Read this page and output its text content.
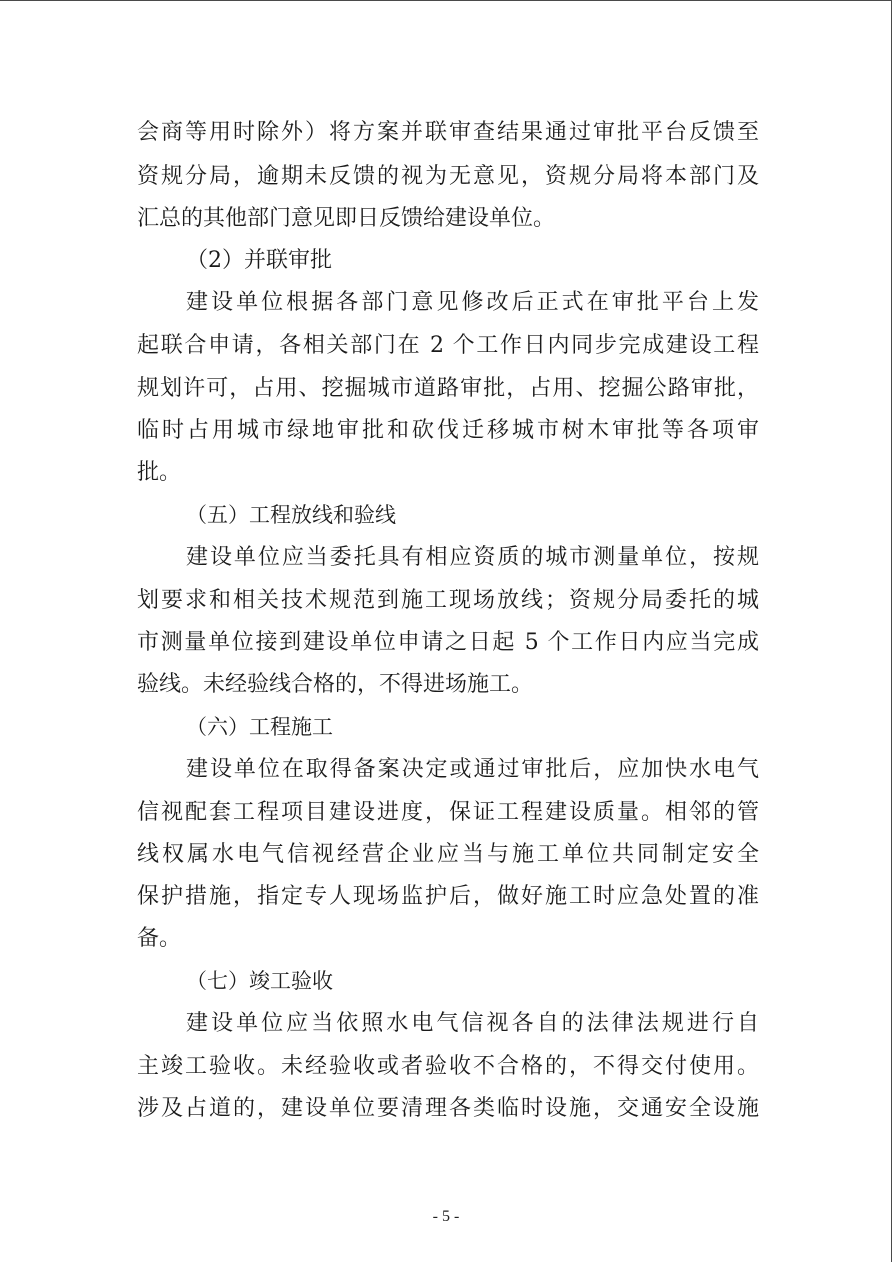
会商等用时除外）将方案并联审查结果通过审批平台反馈至
资规分局，逾期未反馈的视为无意见，资规分局将本部门及
汇总的其他部门意见即日反馈给建设单位。
（2）并联审批
建设单位根据各部门意见修改后正式在审批平台上发
起联合申请，各相关部门在 2 个工作日内同步完成建设工程
规划许可，占用、挖掘城市道路审批，占用、挖掘公路审批，
临时占用城市绿地审批和砍伐迁移城市树木审批等各项审
批。
（五）工程放线和验线
建设单位应当委托具有相应资质的城市测量单位，按规
划要求和相关技术规范到施工现场放线；资规分局委托的城
市测量单位接到建设单位申请之日起 5 个工作日内应当完成
验线。未经验线合格的，不得进场施工。
（六）工程施工
建设单位在取得备案决定或通过审批后，应加快水电气
信视配套工程项目建设进度，保证工程建设质量。相邻的管
线权属水电气信视经营企业应当与施工单位共同制定安全
保护措施，指定专人现场监护后，做好施工时应急处置的准
备。
（七）竣工验收
建设单位应当依照水电气信视各自的法律法规进行自
主竣工验收。未经验收或者验收不合格的，不得交付使用。
涉及占道的，建设单位要清理各类临时设施，交通安全设施
- 5 -
